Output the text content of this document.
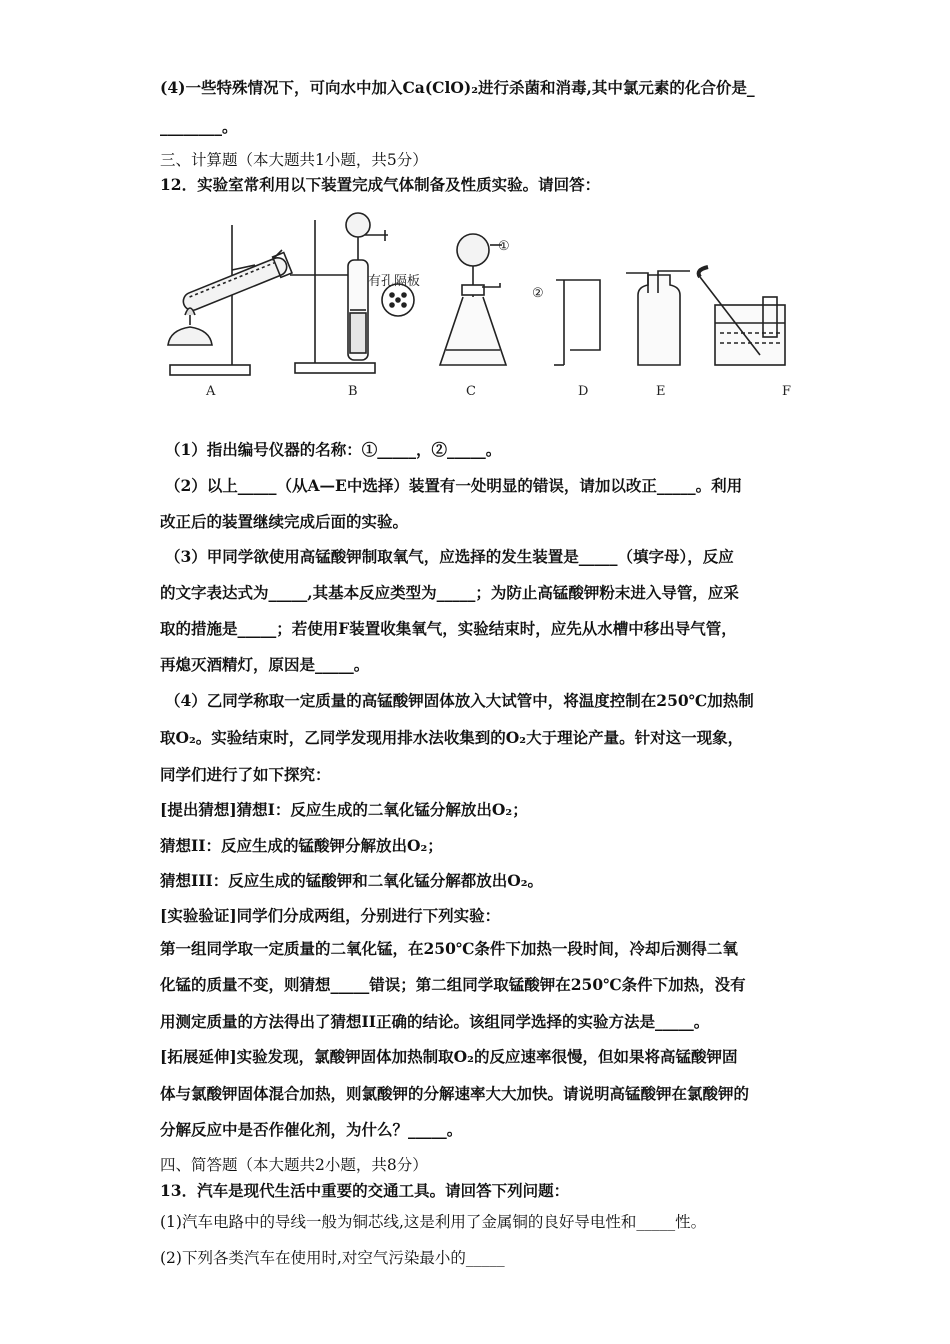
(4)一些特殊情况下，可向水中加入Ca(ClO)₂进行杀菌和消毒,其中氯元素的化合价是_
________。
三、计算题（本大题共1小题，共5分）
12．实验室常利用以下装置完成气体制备及性质实验。请回答：
有孔隔板
①
②
A	B	C	D	E	F
（1）指出编号仪器的名称：①_____，②_____。
（2）以上_____（从A—E中选择）装置有一处明显的错误，请加以改正_____。利用
改正后的装置继续完成后面的实验。
（3）甲同学欲使用高锰酸钾制取氧气，应选择的发生装置是_____（填字母），反应
的文字表达式为_____,其基本反应类型为_____；为防止高锰酸钾粉末进入导管，应采
取的措施是_____；若使用F装置收集氧气，实验结束时，应先从水槽中移出导气管，
再熄灭酒精灯，原因是_____。
（4）乙同学称取一定质量的高锰酸钾固体放入大试管中，将温度控制在250℃加热制
取O₂。实验结束时，乙同学发现用排水法收集到的O₂大于理论产量。针对这一现象，
同学们进行了如下探究：
[提出猜想]猜想I：反应生成的二氧化锰分解放出O₂；
猜想II：反应生成的锰酸钾分解放出O₂；
猜想III：反应生成的锰酸钾和二氧化锰分解都放出O₂。
[实验验证]同学们分成两组，分别进行下列实验：
第一组同学取一定质量的二氧化锰，在250℃条件下加热一段时间，冷却后测得二氧
化锰的质量不变，则猜想_____错误；第二组同学取锰酸钾在250℃条件下加热，没有
用测定质量的方法得出了猜想II正确的结论。该组同学选择的实验方法是_____。
[拓展延伸]实验发现，氯酸钾固体加热制取O₂的反应速率很慢，但如果将高锰酸钾固
体与氯酸钾固体混合加热，则氯酸钾的分解速率大大加快。请说明高锰酸钾在氯酸钾的
分解反应中是否作催化剂，为什么？_____。
四、简答题（本大题共2小题，共8分）
13．汽车是现代生活中重要的交通工具。请回答下列问题：
(1)汽车电路中的导线一般为铜芯线,这是利用了金属铜的良好导电性和_____性。
(2)下列各类汽车在使用时,对空气污染最小的_____
